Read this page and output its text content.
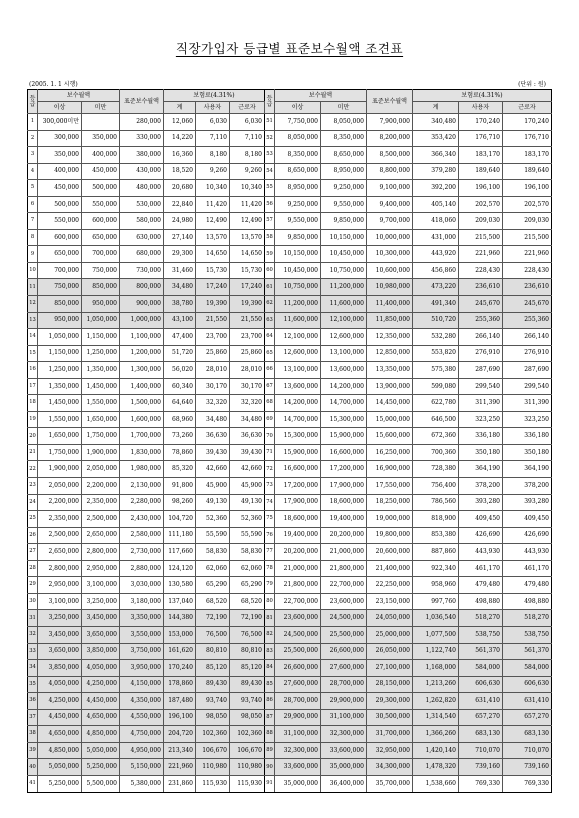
직장가입자 등급별 표준보수월액 조견표
(2005. 1. 1 시행)	(단위 : 원)
등급	보수월액		표준보수월액	보험료(4.31%)			등급	보수월액		표준보수월액	보험료(4.31%)		
	이상	미만		계	사용자	근로자		이상	미만		계	사용자	근로자
1	300,000미만		280,000	12,060	6,030	6,030	51	7,750,000	8,050,000	7,900,000	340,480	170,240	170,240
2	300,000	350,000	330,000	14,220	7,110	7,110	52	8,050,000	8,350,000	8,200,000	353,420	176,710	176,710
3	350,000	400,000	380,000	16,360	8,180	8,180	53	8,350,000	8,650,000	8,500,000	366,340	183,170	183,170
4	400,000	450,000	430,000	18,520	9,260	9,260	54	8,650,000	8,950,000	8,800,000	379,280	189,640	189,640
5	450,000	500,000	480,000	20,680	10,340	10,340	55	8,950,000	9,250,000	9,100,000	392,200	196,100	196,100
6	500,000	550,000	530,000	22,840	11,420	11,420	56	9,250,000	9,550,000	9,400,000	405,140	202,570	202,570
7	550,000	600,000	580,000	24,980	12,490	12,490	57	9,550,000	9,850,000	9,700,000	418,060	209,030	209,030
8	600,000	650,000	630,000	27,140	13,570	13,570	58	9,850,000	10,150,000	10,000,000	431,000	215,500	215,500
9	650,000	700,000	680,000	29,300	14,650	14,650	59	10,150,000	10,450,000	10,300,000	443,920	221,960	221,960
10	700,000	750,000	730,000	31,460	15,730	15,730	60	10,450,000	10,750,000	10,600,000	456,860	228,430	228,430
11	750,000	850,000	800,000	34,480	17,240	17,240	61	10,750,000	11,200,000	10,980,000	473,220	236,610	236,610
12	850,000	950,000	900,000	38,780	19,390	19,390	62	11,200,000	11,600,000	11,400,000	491,340	245,670	245,670
13	950,000	1,050,000	1,000,000	43,100	21,550	21,550	63	11,600,000	12,100,000	11,850,000	510,720	255,360	255,360
14	1,050,000	1,150,000	1,100,000	47,400	23,700	23,700	64	12,100,000	12,600,000	12,350,000	532,280	266,140	266,140
15	1,150,000	1,250,000	1,200,000	51,720	25,860	25,860	65	12,600,000	13,100,000	12,850,000	553,820	276,910	276,910
16	1,250,000	1,350,000	1,300,000	56,020	28,010	28,010	66	13,100,000	13,600,000	13,350,000	575,380	287,690	287,690
17	1,350,000	1,450,000	1,400,000	60,340	30,170	30,170	67	13,600,000	14,200,000	13,900,000	599,080	299,540	299,540
18	1,450,000	1,550,000	1,500,000	64,640	32,320	32,320	68	14,200,000	14,700,000	14,450,000	622,780	311,390	311,390
19	1,550,000	1,650,000	1,600,000	68,960	34,480	34,480	69	14,700,000	15,300,000	15,000,000	646,500	323,250	323,250
20	1,650,000	1,750,000	1,700,000	73,260	36,630	36,630	70	15,300,000	15,900,000	15,600,000	672,360	336,180	336,180
21	1,750,000	1,900,000	1,830,000	78,860	39,430	39,430	71	15,900,000	16,600,000	16,250,000	700,360	350,180	350,180
22	1,900,000	2,050,000	1,980,000	85,320	42,660	42,660	72	16,600,000	17,200,000	16,900,000	728,380	364,190	364,190
23	2,050,000	2,200,000	2,130,000	91,800	45,900	45,900	73	17,200,000	17,900,000	17,550,000	756,400	378,200	378,200
24	2,200,000	2,350,000	2,280,000	98,260	49,130	49,130	74	17,900,000	18,600,000	18,250,000	786,560	393,280	393,280
25	2,350,000	2,500,000	2,430,000	104,720	52,360	52,360	75	18,600,000	19,400,000	19,000,000	818,900	409,450	409,450
26	2,500,000	2,650,000	2,580,000	111,180	55,590	55,590	76	19,400,000	20,200,000	19,800,000	853,380	426,690	426,690
27	2,650,000	2,800,000	2,730,000	117,660	58,830	58,830	77	20,200,000	21,000,000	20,600,000	887,860	443,930	443,930
28	2,800,000	2,950,000	2,880,000	124,120	62,060	62,060	78	21,000,000	21,800,000	21,400,000	922,340	461,170	461,170
29	2,950,000	3,100,000	3,030,000	130,580	65,290	65,290	79	21,800,000	22,700,000	22,250,000	958,960	479,480	479,480
30	3,100,000	3,250,000	3,180,000	137,040	68,520	68,520	80	22,700,000	23,600,000	23,150,000	997,760	498,880	498,880
31	3,250,000	3,450,000	3,350,000	144,380	72,190	72,190	81	23,600,000	24,500,000	24,050,000	1,036,540	518,270	518,270
32	3,450,000	3,650,000	3,550,000	153,000	76,500	76,500	82	24,500,000	25,500,000	25,000,000	1,077,500	538,750	538,750
33	3,650,000	3,850,000	3,750,000	161,620	80,810	80,810	83	25,500,000	26,600,000	26,050,000	1,122,740	561,370	561,370
34	3,850,000	4,050,000	3,950,000	170,240	85,120	85,120	84	26,600,000	27,600,000	27,100,000	1,168,000	584,000	584,000
35	4,050,000	4,250,000	4,150,000	178,860	89,430	89,430	85	27,600,000	28,700,000	28,150,000	1,213,260	606,630	606,630
36	4,250,000	4,450,000	4,350,000	187,480	93,740	93,740	86	28,700,000	29,900,000	29,300,000	1,262,820	631,410	631,410
37	4,450,000	4,650,000	4,550,000	196,100	98,050	98,050	87	29,900,000	31,100,000	30,500,000	1,314,540	657,270	657,270
38	4,650,000	4,850,000	4,750,000	204,720	102,360	102,360	88	31,100,000	32,300,000	31,700,000	1,366,260	683,130	683,130
39	4,850,000	5,050,000	4,950,000	213,340	106,670	106,670	89	32,300,000	33,600,000	32,950,000	1,420,140	710,070	710,070
40	5,050,000	5,250,000	5,150,000	221,960	110,980	110,980	90	33,600,000	35,000,000	34,300,000	1,478,320	739,160	739,160
41	5,250,000	5,500,000	5,380,000	231,860	115,930	115,930	91	35,000,000	36,400,000	35,700,000	1,538,660	769,330	769,330
